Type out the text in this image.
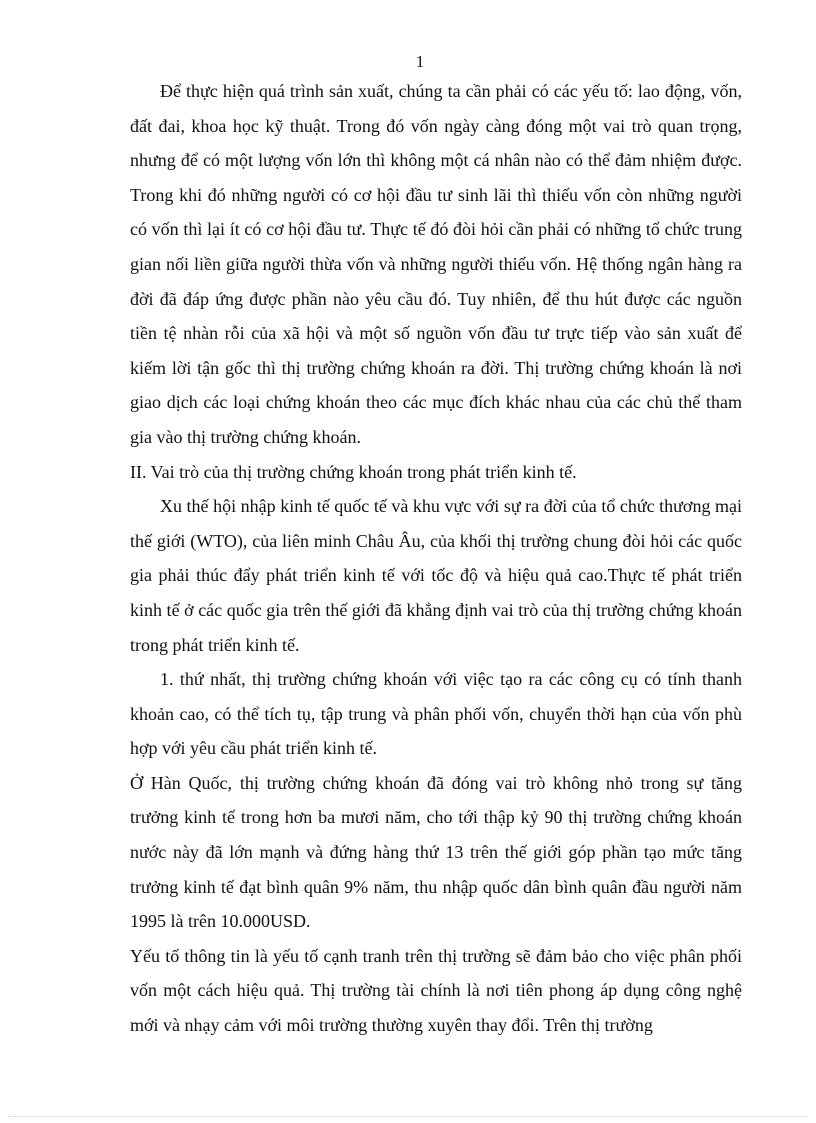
1

Để thực hiện quá trình sản xuất, chúng ta cần phải có các yếu tố: lao động, vốn, đất đai, khoa học kỹ thuật. Trong đó vốn ngày càng đóng một vai trò quan trọng, nhưng để có một lượng vốn lớn thì không một cá nhân nào có thể đảm nhiệm được. Trong khi đó những người có cơ hội đầu tư sinh lãi thì thiếu vốn còn những người có vốn thì lại ít có cơ hội đầu tư. Thực tế đó đòi hỏi cần phải có những tổ chức trung gian nối liền giữa người thừa vốn và những người thiếu vốn. Hệ thống ngân hàng ra đời đã đáp ứng được phần nào yêu cầu đó. Tuy nhiên, để thu hút được các nguồn tiền tệ nhàn rỗi của xã hội và một số nguồn vốn đầu tư trực tiếp vào sản xuất để kiếm lời tận gốc thì thị trường chứng khoán ra đời. Thị trường chứng khoán là nơi giao dịch các loại chứng khoán theo các mục đích khác nhau của các chủ thể tham gia vào thị trường chứng khoán.

II. Vai trò của thị trường chứng khoán trong phát triển kinh tế.

Xu thế hội nhập kinh tế quốc tế và khu vực với sự ra đời của tổ chức thương mại thế giới (WTO), của liên minh Châu Âu, của khối thị trường chung đòi hỏi các quốc gia phải thúc đẩy phát triển kinh tế với tốc độ và hiệu quả cao.Thực tế phát triển kinh tế ở các quốc gia trên thế giới đã khẳng định vai trò của thị trường chứng khoán trong phát triển kinh tế.

1. thứ nhất, thị trường chứng khoán với việc tạo ra các công cụ có tính thanh khoản cao, có thể tích tụ, tập trung và phân phối vốn, chuyển thời hạn của vốn phù hợp với yêu cầu phát triển kinh tế.

Ở Hàn Quốc, thị trường chứng khoán đã đóng vai trò không nhỏ trong sự tăng trưởng kinh tế trong hơn ba mươi năm, cho tới thập kỷ 90 thị trường chứng khoán nước này đã lớn mạnh và đứng hàng thứ 13 trên thế giới góp phần tạo mức tăng trưởng kinh tế đạt bình quân 9% năm, thu nhập quốc dân bình quân đầu người năm 1995 là trên 10.000USD.

Yếu tố thông tin là yếu tố cạnh tranh trên thị trường sẽ đảm bảo cho việc phân phối vốn một cách hiệu quả. Thị trường tài chính là nơi tiên phong áp dụng công nghệ mới và nhạy cảm với môi trường thường xuyên thay đổi. Trên thị trường
